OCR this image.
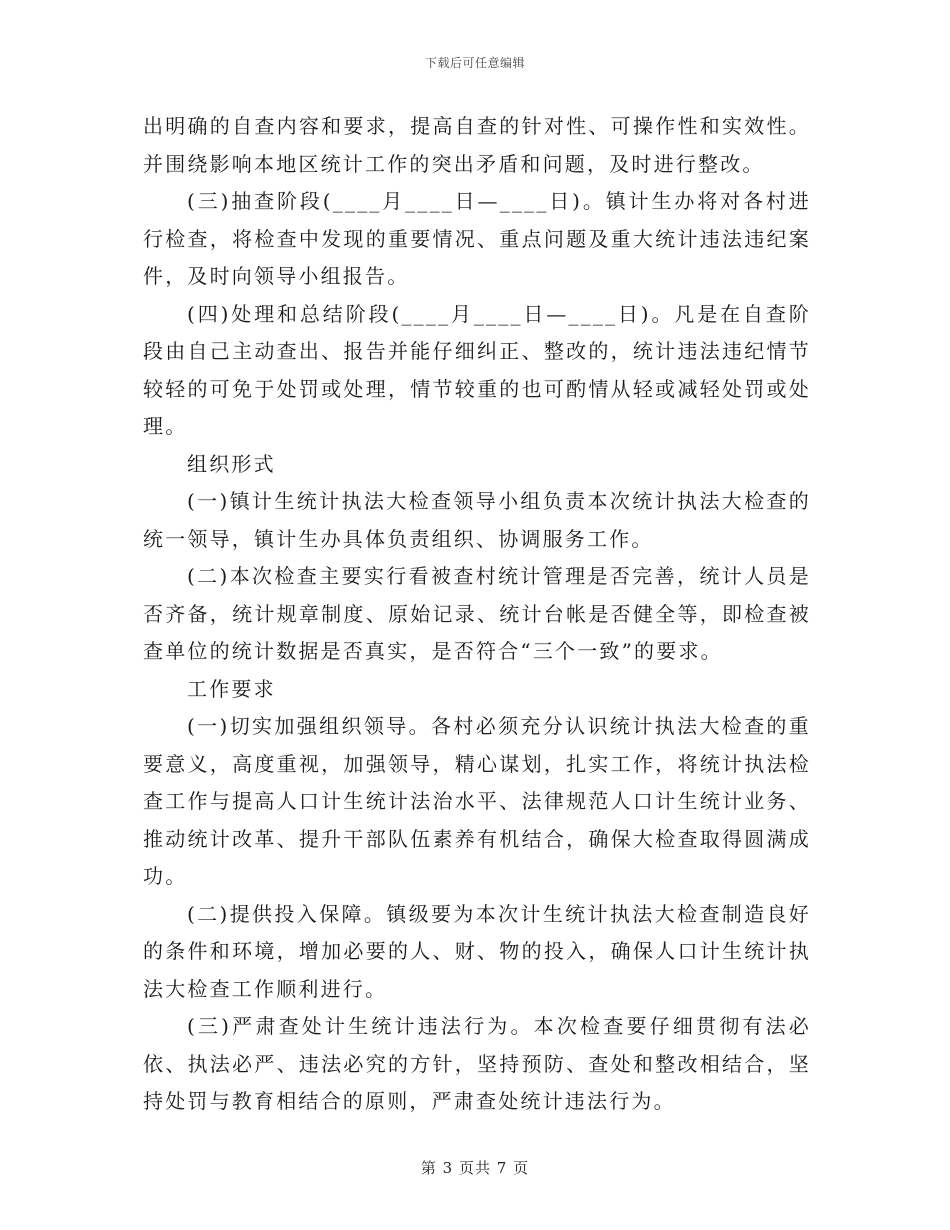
下载后可任意编辑

出明确的自查内容和要求，提高自查的针对性、可操作性和实效性。并围绕影响本地区统计工作的突出矛盾和问题，及时进行整改。

(三)抽查阶段(____月____日—____日)。镇计生办将对各村进行检查，将检查中发现的重要情况、重点问题及重大统计违法违纪案件，及时向领导小组报告。

(四)处理和总结阶段(____月____日—____日)。凡是在自查阶段由自己主动查出、报告并能仔细纠正、整改的，统计违法违纪情节较轻的可免于处罚或处理，情节较重的也可酌情从轻或减轻处罚或处理。

组织形式

(一)镇计生统计执法大检查领导小组负责本次统计执法大检查的统一领导，镇计生办具体负责组织、协调服务工作。

(二)本次检查主要实行看被查村统计管理是否完善，统计人员是否齐备，统计规章制度、原始记录、统计台帐是否健全等，即检查被查单位的统计数据是否真实，是否符合“三个一致”的要求。

工作要求

(一)切实加强组织领导。各村必须充分认识统计执法大检查的重要意义，高度重视，加强领导，精心谋划，扎实工作，将统计执法检查工作与提高人口计生统计法治水平、法律规范人口计生统计业务、推动统计改革、提升干部队伍素养有机结合，确保大检查取得圆满成功。

(二)提供投入保障。镇级要为本次计生统计执法大检查制造良好的条件和环境，增加必要的人、财、物的投入，确保人口计生统计执法大检查工作顺利进行。

(三)严肃查处计生统计违法行为。本次检查要仔细贯彻有法必依、执法必严、违法必究的方针，坚持预防、查处和整改相结合，坚持处罚与教育相结合的原则，严肃查处统计违法行为。

第 3 页共 7 页
